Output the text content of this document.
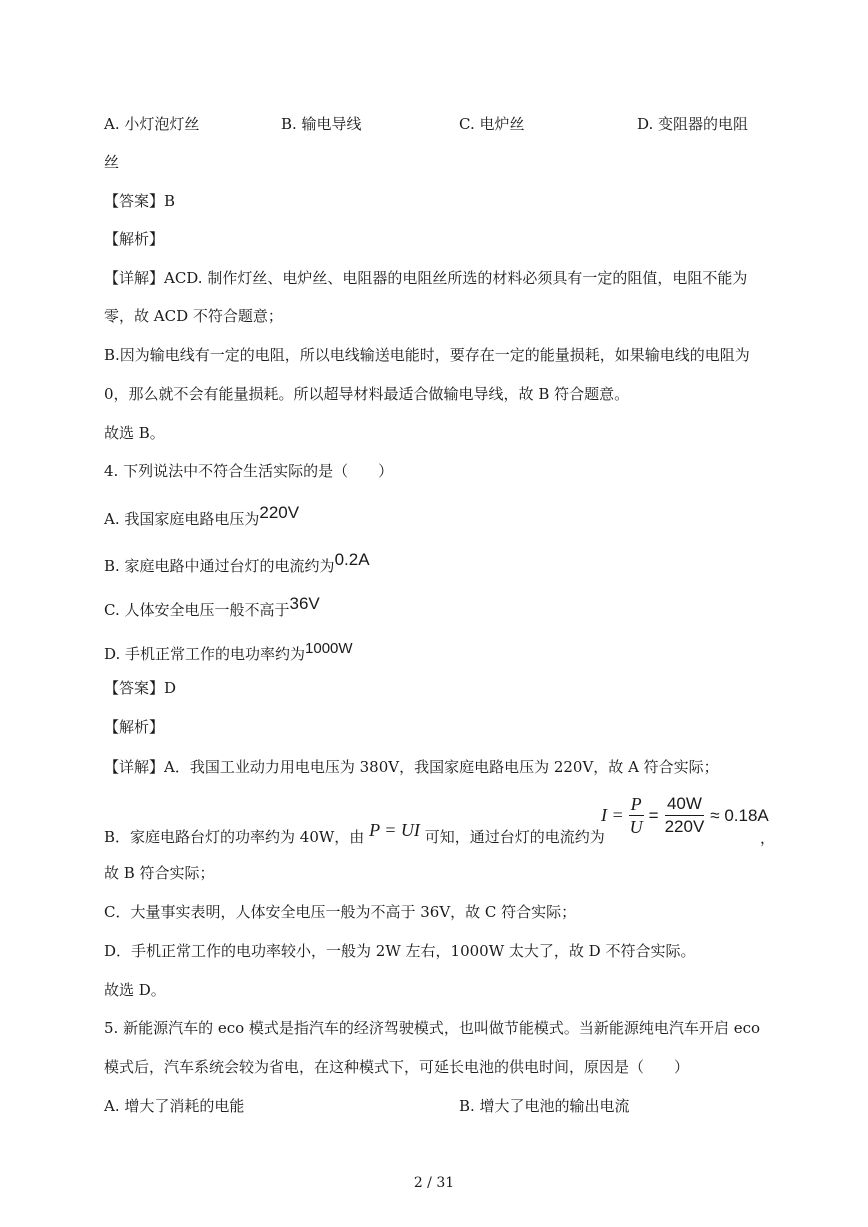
A. 小灯泡灯丝	B. 输电导线	C. 电炉丝	D. 变阻器的电阻
丝
【答案】B
【解析】
【详解】ACD. 制作灯丝、电炉丝、电阻器的电阻丝所选的材料必须具有一定的阻值，电阻不能为
零，故 ACD 不符合题意；
B.因为输电线有一定的电阻，所以电线输送电能时，要存在一定的能量损耗，如果输电线的电阻为
0，那么就不会有能量损耗。所以超导材料最适合做输电导线，故 B 符合题意。
故选 B。
4. 下列说法中不符合生活实际的是（　　）
A. 我国家庭电路电压为220V
B. 家庭电路中通过台灯的电流约为0.2A
C. 人体安全电压一般不高于36V
D. 手机正常工作的电功率约为1000W
【答案】D
【解析】
【详解】A．我国工业动力用电电压为 380V，我国家庭电路电压为 220V，故 A 符合实际；
B．家庭电路台灯的功率约为 40W，由 P = UI 可知，通过台灯的电流约为
$I = \frac{P}{U} = \frac{40W}{220V} \approx 0.18A$
，
故 B 符合实际；
C．大量事实表明，人体安全电压一般为不高于 36V，故 C 符合实际；
D．手机正常工作的电功率较小，一般为 2W 左右，1000W 太大了，故 D 不符合实际。
故选 D。
5. 新能源汽车的 eco 模式是指汽车的经济驾驶模式，也叫做节能模式。当新能源纯电汽车开启 eco
模式后，汽车系统会较为省电，在这种模式下，可延长电池的供电时间，原因是（　　）
A. 增大了消耗的电能	B. 增大了电池的输出电流
2 / 31
